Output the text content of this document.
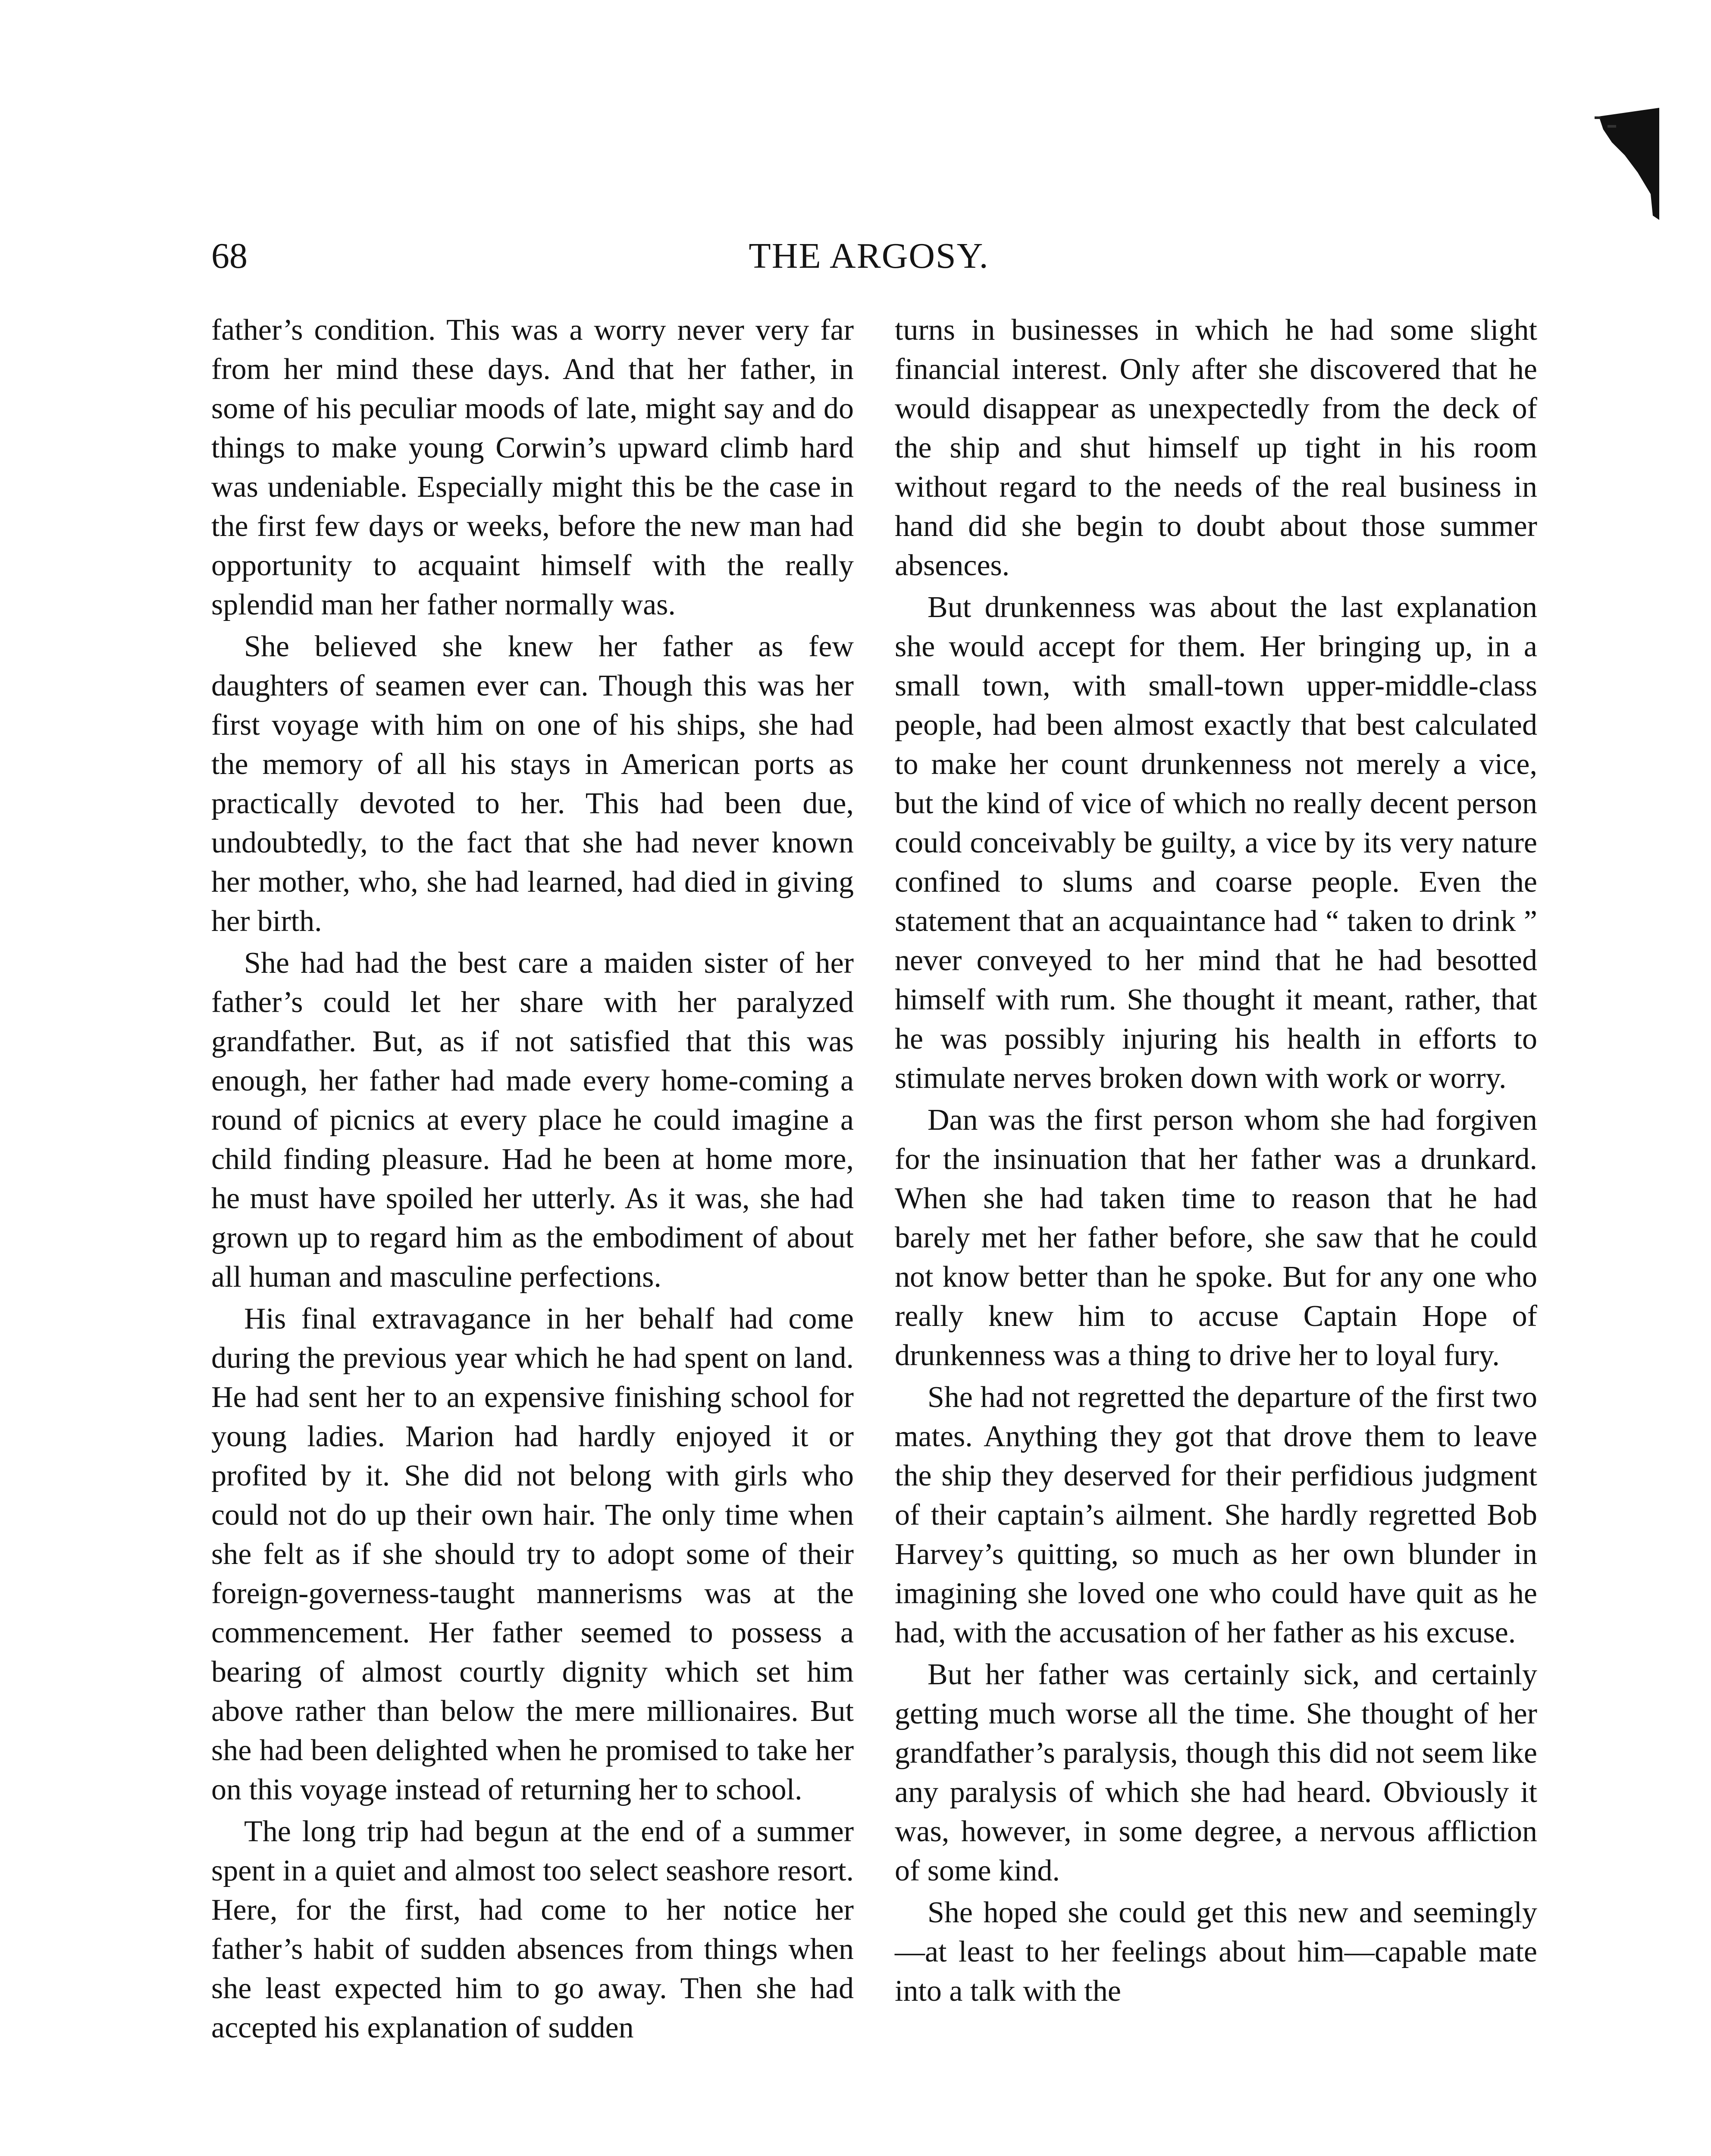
68	THE ARGOSY.

father’s condition. This was a worry never very far from her mind these days. And that her father, in some of his peculiar moods of late, might say and do things to make young Corwin’s upward climb hard was undeniable. Especially might this be the case in the first few days or weeks, before the new man had opportunity to acquaint himself with the really splendid man her father normally was.

She believed she knew her father as few daughters of seamen ever can. Though this was her first voyage with him on one of his ships, she had the memory of all his stays in American ports as practically devoted to her. This had been due, undoubtedly, to the fact that she had never known her mother, who, she had learned, had died in giving her birth.

She had had the best care a maiden sister of her father’s could let her share with her paralyzed grandfather. But, as if not satisfied that this was enough, her father had made every home-coming a round of picnics at every place he could imagine a child finding pleasure. Had he been at home more, he must have spoiled her utterly. As it was, she had grown up to regard him as the embodiment of about all human and masculine perfections.

His final extravagance in her behalf had come during the previous year which he had spent on land. He had sent her to an expensive finishing school for young ladies. Marion had hardly enjoyed it or profited by it. She did not belong with girls who could not do up their own hair. The only time when she felt as if she should try to adopt some of their foreign-governess-taught mannerisms was at the commencement. Her father seemed to possess a bearing of almost courtly dignity which set him above rather than below the mere millionaires. But she had been delighted when he promised to take her on this voyage instead of returning her to school.

The long trip had begun at the end of a summer spent in a quiet and almost too select seashore resort. Here, for the first, had come to her notice her father’s habit of sudden absences from things when she least expected him to go away. Then she had accepted his explanation of sudden

turns in businesses in which he had some slight financial interest. Only after she discovered that he would disappear as unexpectedly from the deck of the ship and shut himself up tight in his room without regard to the needs of the real business in hand did she begin to doubt about those summer absences.

But drunkenness was about the last explanation she would accept for them. Her bringing up, in a small town, with small-town upper-middle-class people, had been almost exactly that best calculated to make her count drunkenness not merely a vice, but the kind of vice of which no really decent person could conceivably be guilty, a vice by its very nature confined to slums and coarse people. Even the statement that an acquaintance had “ taken to drink ” never conveyed to her mind that he had besotted himself with rum. She thought it meant, rather, that he was possibly injuring his health in efforts to stimulate nerves broken down with work or worry.

Dan was the first person whom she had forgiven for the insinuation that her father was a drunkard. When she had taken time to reason that he had barely met her father before, she saw that he could not know better than he spoke. But for any one who really knew him to accuse Captain Hope of drunkenness was a thing to drive her to loyal fury.

She had not regretted the departure of the first two mates. Anything they got that drove them to leave the ship they deserved for their perfidious judgment of their captain’s ailment. She hardly regretted Bob Harvey’s quitting, so much as her own blunder in imagining she loved one who could have quit as he had, with the accusation of her father as his excuse.

But her father was certainly sick, and certainly getting much worse all the time. She thought of her grandfather’s paralysis, though this did not seem like any paralysis of which she had heard. Obviously it was, however, in some degree, a nervous affliction of some kind.

She hoped she could get this new and seemingly—at least to her feelings about him—capable mate into a talk with the
